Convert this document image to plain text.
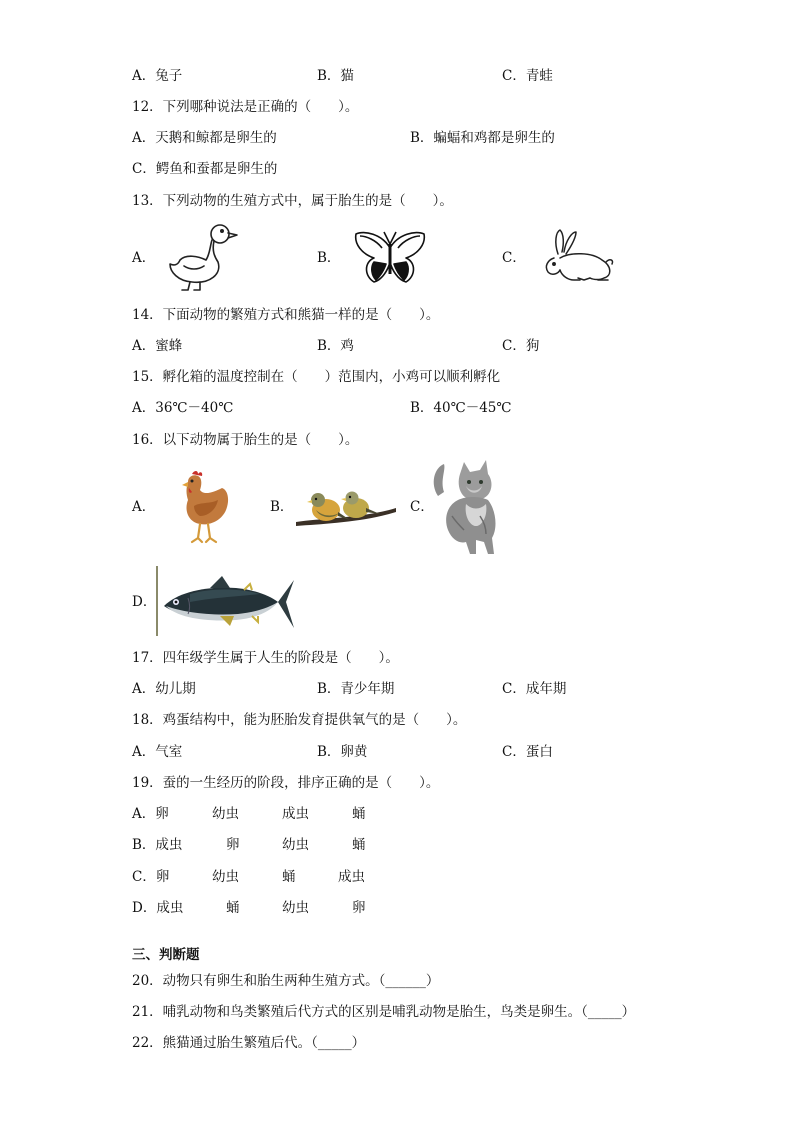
A．兔子	B．猫	C．青蛙
12．下列哪种说法是正确的（　　）。
A．天鹅和鲸都是卵生的	B．蝙蝠和鸡都是卵生的
C．鳄鱼和蚕都是卵生的
13．下列动物的生殖方式中，属于胎生的是（　　）。
A．	B．	C．
14．下面动物的繁殖方式和熊猫一样的是（　　）。
A．蜜蜂	B．鸡	C．狗
15．孵化箱的温度控制在（　　）范围内，小鸡可以顺利孵化
A．36℃－40℃	B．40℃－45℃
16．以下动物属于胎生的是（　　）。
A．	B．	C．
D．
17．四年级学生属于人生的阶段是（　　）。
A．幼儿期	B．青少年期	C．成年期
18．鸡蛋结构中，能为胚胎发育提供氧气的是（　　）。
A．气室	B．卵黄	C．蛋白
19．蚕的一生经历的阶段，排序正确的是（　　）。
A．卵	幼虫	成虫	蛹
B．成虫	卵	幼虫	蛹
C．卵	幼虫	蛹	成虫
D．成虫	蛹	幼虫	卵
三、判断题
20．动物只有卵生和胎生两种生殖方式。（______）
21．哺乳动物和鸟类繁殖后代方式的区别是哺乳动物是胎生，鸟类是卵生。（_____）
22．熊猫通过胎生繁殖后代。（_____）
